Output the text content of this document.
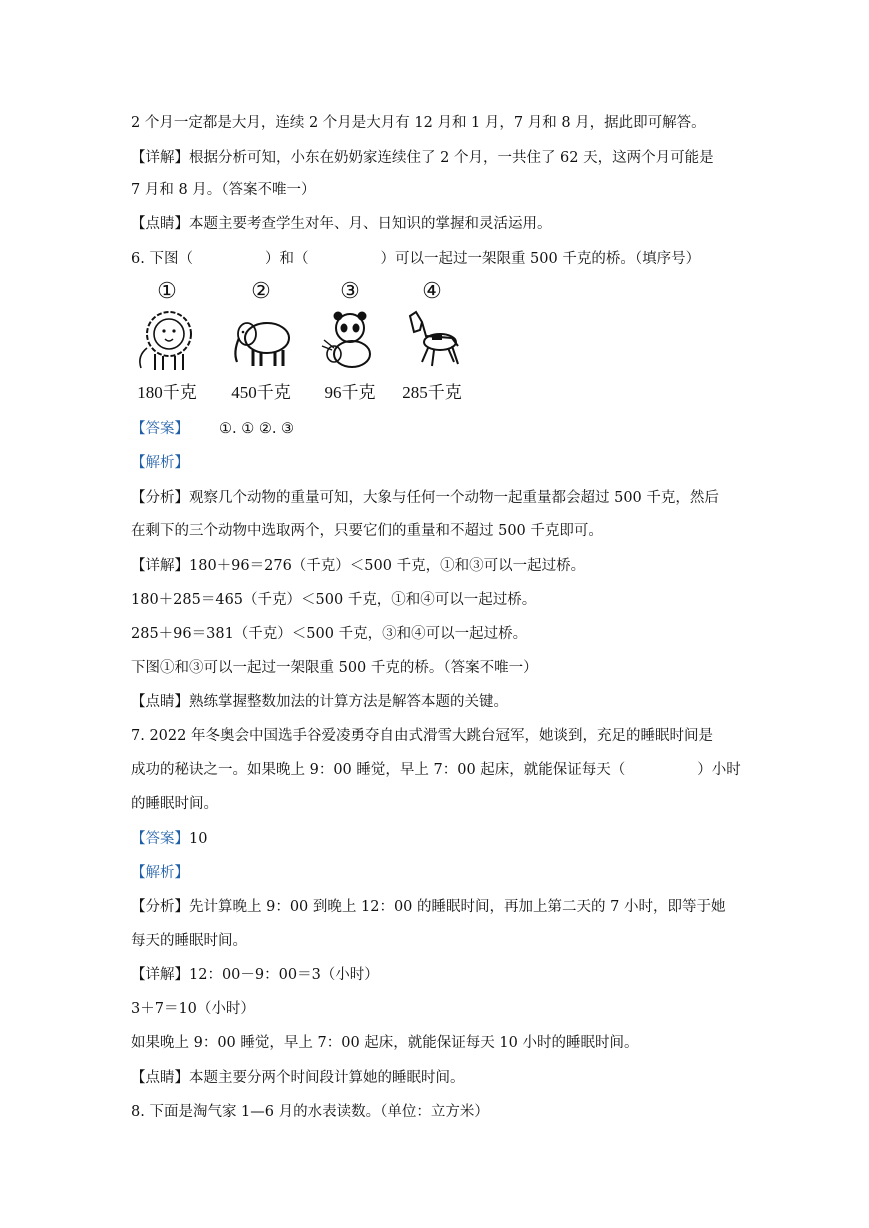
2 个月一定都是大月，连续 2 个月是大月有 12 月和 1 月，7 月和 8 月，据此即可解答。
【详解】根据分析可知，小东在奶奶家连续住了 2 个月，一共住了 62 天，这两个月可能是
7 月和 8 月。（答案不唯一）
【点睛】本题主要考查学生对年、月、日知识的掌握和灵活运用。
6. 下图（	）和（	）可以一起过一架限重 500 千克的桥。（填序号）
①
180千克
②
450千克
③
96千克
④
285千克
【答案】 ①. ① ②. ③
【解析】
【分析】观察几个动物的重量可知，大象与任何一个动物一起重量都会超过 500 千克，然后
在剩下的三个动物中选取两个，只要它们的重量和不超过 500 千克即可。
【详解】180＋96＝276（千克）＜500 千克，①和③可以一起过桥。
180＋285＝465（千克）＜500 千克，①和④可以一起过桥。
285＋96＝381（千克）＜500 千克，③和④可以一起过桥。
下图①和③可以一起过一架限重 500 千克的桥。（答案不唯一）
【点睛】熟练掌握整数加法的计算方法是解答本题的关键。
7. 2022 年冬奥会中国选手谷爱凌勇夺自由式滑雪大跳台冠军，她谈到，充足的睡眠时间是
成功的秘诀之一。如果晚上 9：00 睡觉，早上 7：00 起床，就能保证每天（	）小时
的睡眠时间。
【答案】10
【解析】
【分析】先计算晚上 9：00 到晚上 12：00 的睡眠时间，再加上第二天的 7 小时，即等于她
每天的睡眠时间。
【详解】12：00－9：00＝3（小时）
3＋7＝10（小时）
如果晚上 9：00 睡觉，早上 7：00 起床，就能保证每天 10 小时的睡眠时间。
【点睛】本题主要分两个时间段计算她的睡眠时间。
8. 下面是淘气家 1—6 月的水表读数。（单位：立方米）
